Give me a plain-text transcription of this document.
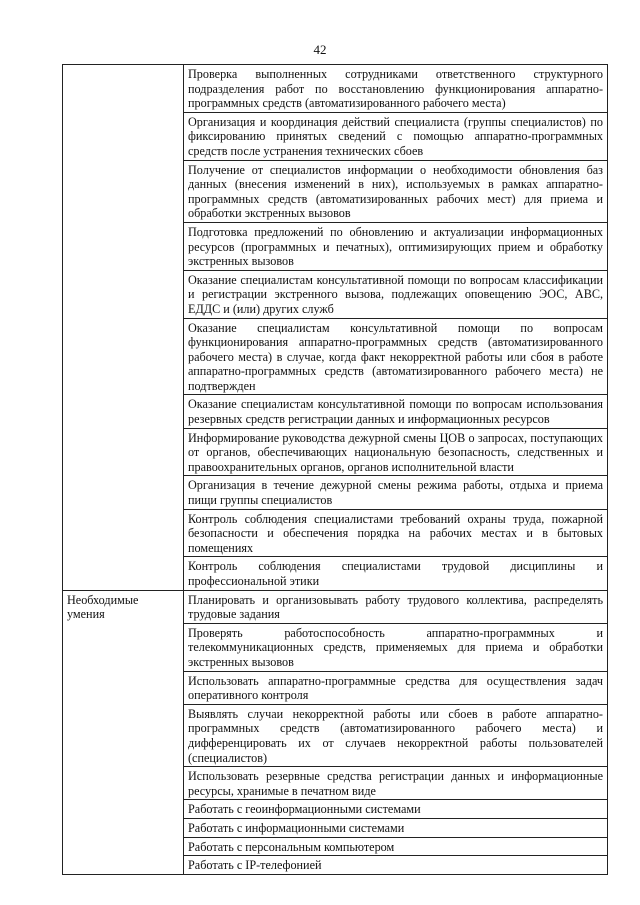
42
	Проверка выполненных сотрудниками ответственного структурного подразделения работ по восстановлению функционирования аппаратно-программных средств (автоматизированного рабочего места)
	Организация и координация действий специалиста (группы специалистов) по фиксированию принятых сведений с помощью аппаратно-программных средств после устранения технических сбоев
	Получение от специалистов информации о необходимости обновления баз данных (внесения изменений в них), используемых в рамках аппаратно-программных средств (автоматизированных рабочих мест) для приема и обработки экстренных вызовов
	Подготовка предложений по обновлению и актуализации информационных ресурсов (программных и печатных), оптимизирующих прием и обработку экстренных вызовов
	Оказание специалистам консультативной помощи по вопросам классификации и регистрации экстренного вызова, подлежащих оповещению ЭОС, АВС, ЕДДС и (или) других служб
	Оказание специалистам консультативной помощи по вопросам функционирования аппаратно-программных средств (автоматизированного рабочего места) в случае, когда факт некорректной работы или сбоя в работе аппаратно-программных средств (автоматизированного рабочего места) не подтвержден
	Оказание специалистам консультативной помощи по вопросам использования резервных средств регистрации данных и информационных ресурсов
	Информирование руководства дежурной смены ЦОВ о запросах, поступающих от органов, обеспечивающих национальную безопасность, следственных и правоохранительных органов, органов исполнительной власти
	Организация в течение дежурной смены режима работы, отдыха и приема пищи группы специалистов
	Контроль соблюдения специалистами требований охраны труда, пожарной безопасности и обеспечения порядка на рабочих местах и в бытовых помещениях
	Контроль соблюдения специалистами трудовой дисциплины и профессиональной этики
Необходимые умения	Планировать и организовывать работу трудового коллектива, распределять трудовые задания
	Проверять работоспособность аппаратно-программных и телекоммуникационных средств, применяемых для приема и обработки экстренных вызовов
	Использовать аппаратно-программные средства для осуществления задач оперативного контроля
	Выявлять случаи некорректной работы или сбоев в работе аппаратно-программных средств (автоматизированного рабочего места) и дифференцировать их от случаев некорректной работы пользователей (специалистов)
	Использовать резервные средства регистрации данных и информационные ресурсы, хранимые в печатном виде
	Работать с геоинформационными системами
	Работать с информационными системами
	Работать с персональным компьютером
	Работать с IP-телефонией
